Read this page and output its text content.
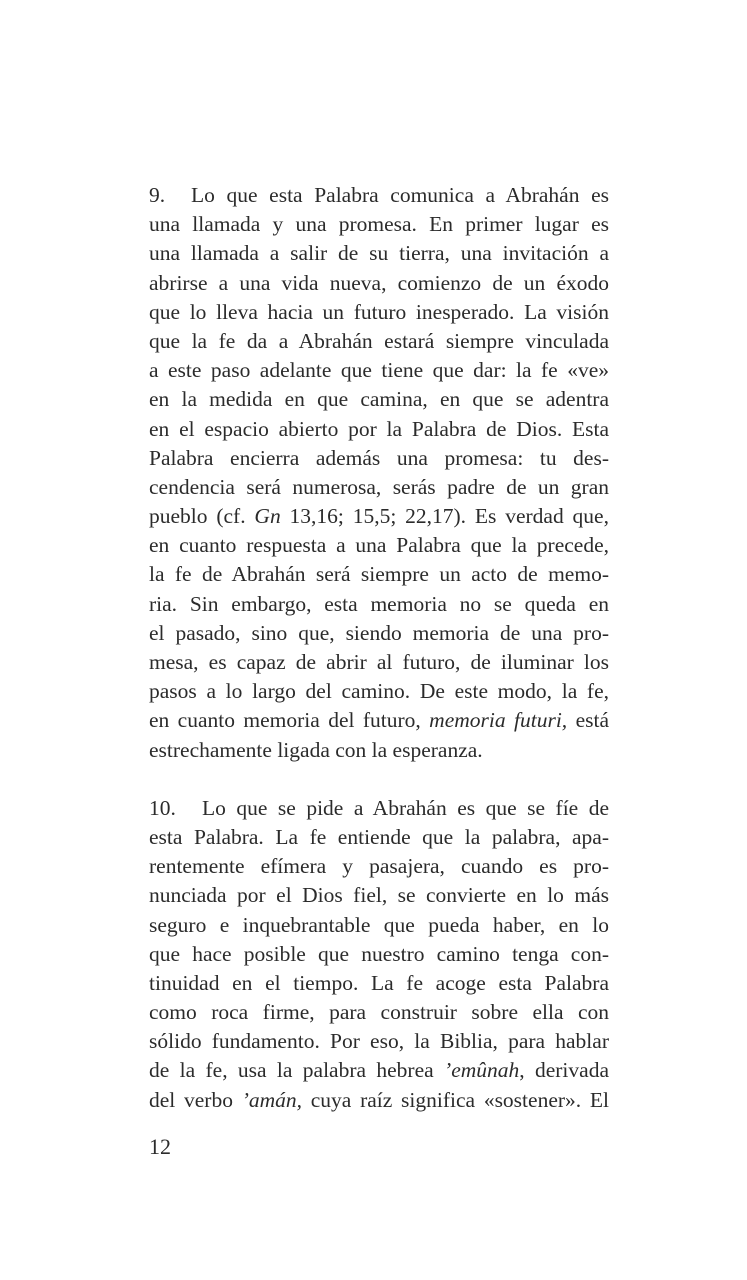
9. Lo que esta Palabra comunica a Abrahán es
una llamada y una promesa. En primer lugar es
una llamada a salir de su tierra, una invitación a
abrirse a una vida nueva, comienzo de un éxodo
que lo lleva hacia un futuro inesperado. La visión
que la fe da a Abrahán estará siempre vinculada
a este paso adelante que tiene que dar: la fe «ve»
en la medida en que camina, en que se adentra
en el espacio abierto por la Palabra de Dios. Esta
Palabra encierra además una promesa: tu des-
cendencia será numerosa, serás padre de un gran
pueblo (cf. Gn 13,16; 15,5; 22,17). Es verdad que,
en cuanto respuesta a una Palabra que la precede,
la fe de Abrahán será siempre un acto de memo-
ria. Sin embargo, esta memoria no se queda en
el pasado, sino que, siendo memoria de una pro-
mesa, es capaz de abrir al futuro, de iluminar los
pasos a lo largo del camino. De este modo, la fe,
en cuanto memoria del futuro, memoria futuri, está
estrechamente ligada con la esperanza.
10. Lo que se pide a Abrahán es que se fíe de
esta Palabra. La fe entiende que la palabra, apa-
rentemente efímera y pasajera, cuando es pro-
nunciada por el Dios fiel, se convierte en lo más
seguro e inquebrantable que pueda haber, en lo
que hace posible que nuestro camino tenga con-
tinuidad en el tiempo. La fe acoge esta Palabra
como roca firme, para construir sobre ella con
sólido fundamento. Por eso, la Biblia, para hablar
de la fe, usa la palabra hebrea ’emûnah, derivada
del verbo ’amán, cuya raíz significa «sostener». El
12
